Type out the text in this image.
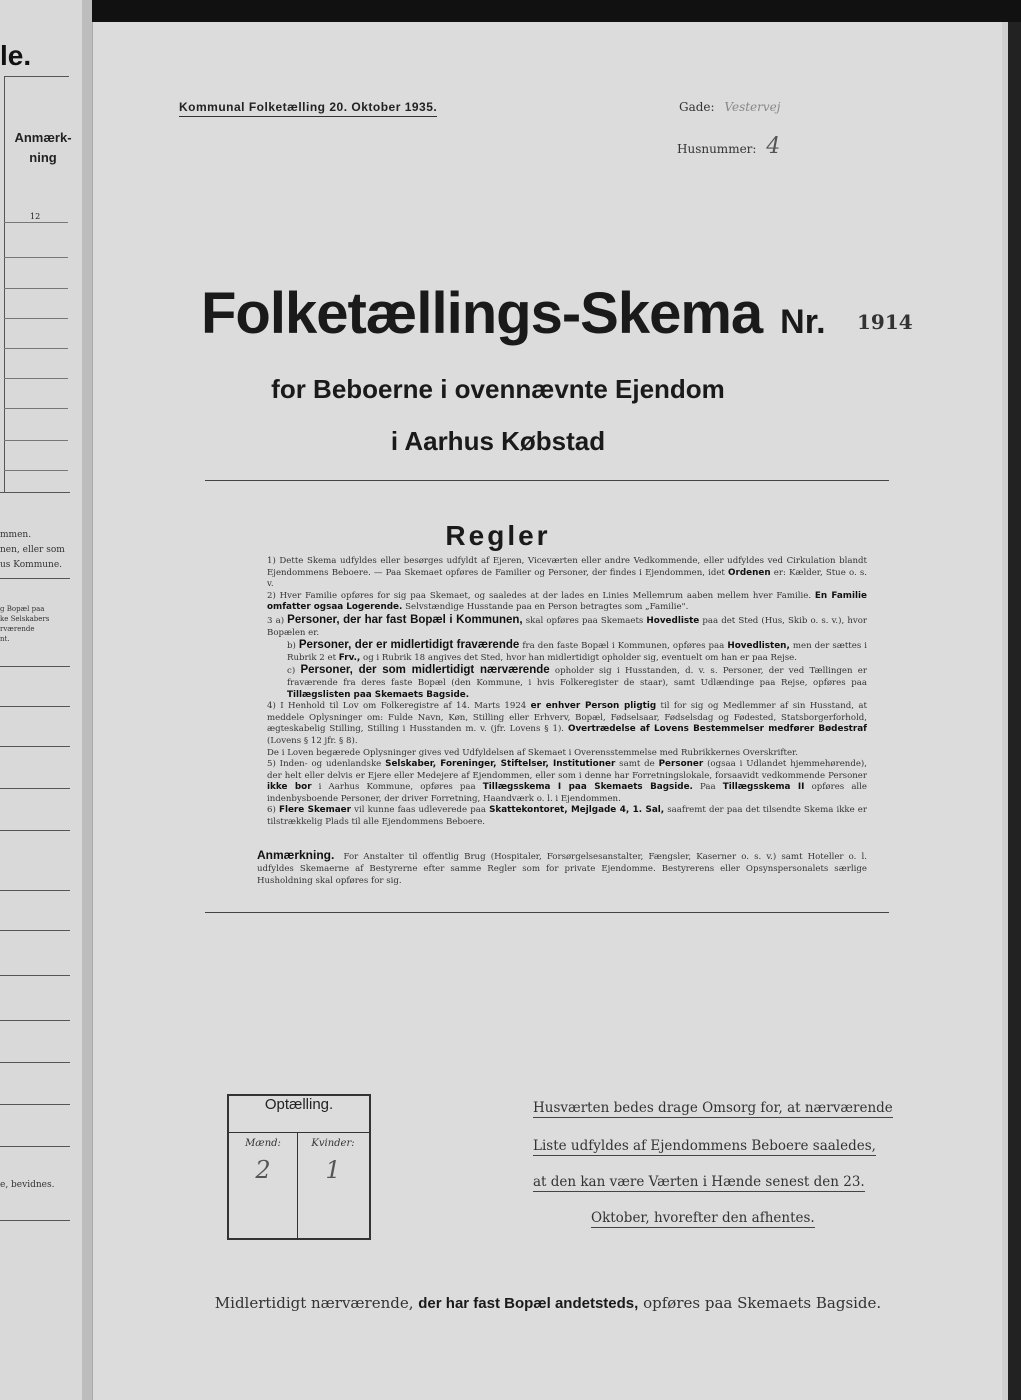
le.
Anmærk-
ning
12
mmen.
nen, eller som
us Kommune.
g Bopæl paa
ke Selskabers
rværende
nt.
e, bevidnes.
Kommunal Folketælling 20. Oktober 1935.	Gade: Vestervej
Husnummer: 4
Folketællings-Skema Nr. 1914
for Beboerne i ovennævnte Ejendom
i Aarhus Købstad
Regler

1) Dette Skema udfyldes eller besørges udfyldt af Ejeren, Viceværten eller andre Vedkommende, eller udfyldes ved Cirkulation blandt Ejendommens Beboere. — Paa Skemaet opføres de Familier og Personer, der findes i Ejendommen, idet Ordenen er: Kælder, Stue o. s. v.

2) Hver Familie opføres for sig paa Skemaet, og saaledes at der lades en Linies Mellemrum aaben mellem hver Familie. En Familie omfatter ogsaa Logerende. Selvstændige Husstande paa en Person betragtes som „Familie".

3 a) Personer, der har fast Bopæl i Kommunen, skal opføres paa Skemaets Hovedliste paa det Sted (Hus, Skib o. s. v.), hvor Bopælen er.

b) Personer, der er midlertidigt fraværende fra den faste Bopæl i Kommunen, opføres paa Hovedlisten, men der sættes i Rubrik 2 et Frv., og i Rubrik 18 angives det Sted, hvor han midlertidigt opholder sig, eventuelt om han er paa Rejse.

c) Personer, der som midlertidigt nærværende opholder sig i Husstanden, d. v. s. Personer, der ved Tællingen er fraværende fra deres faste Bopæl (den Kommune, i hvis Folkeregister de staar), samt Udlændinge paa Rejse, opføres paa Tillægslisten paa Skemaets Bagside.

4) I Henhold til Lov om Folkeregistre af 14. Marts 1924 er enhver Person pligtig til for sig og Medlemmer af sin Husstand, at meddele Oplysninger om: Fulde Navn, Køn, Stilling eller Erhverv, Bopæl, Fødselsaar, Fødselsdag og Fødested, Statsborgerforhold, ægteskabelig Stilling, Stilling i Husstanden m. v. (jfr. Lovens § 1). Overtrædelse af Lovens Bestemmelser medfører Bødestraf (Lovens § 12 jfr. § 8).

De i Loven begærede Oplysninger gives ved Udfyldelsen af Skemaet i Overensstemmelse med Rubrikkernes Overskrifter.

5) Inden- og udenlandske Selskaber, Foreninger, Stiftelser, Institutioner samt de Personer (ogsaa i Udlandet hjemmehørende), der helt eller delvis er Ejere eller Medejere af Ejendommen, eller som i denne har Forretningslokale, forsaavidt vedkommende Personer ikke bor i Aarhus Kommune, opføres paa Tillægsskema I paa Skemaets Bagside. Paa Tillægsskema II opføres alle indenbysboende Personer, der driver Forretning, Haandværk o. l. i Ejendommen.

6) Flere Skemaer vil kunne faas udleverede paa Skattekontoret, Mejlgade 4, 1. Sal, saafremt der paa det tilsendte Skema ikke er tilstrækkelig Plads til alle Ejendommens Beboere.

Anmærkning. For Anstalter til offentlig Brug (Hospitaler, Forsørgelsesanstalter, Fængsler, Kaserner o. s. v.) samt Hoteller o. l. udfyldes Skemaerne af Bestyrerne efter samme Regler som for private Ejendomme. Bestyrerens eller Opsynspersonalets særlige Husholdning skal opføres for sig.
Optælling.
Mænd:	Kvinder:
2	1
Husværten bedes drage Omsorg for, at nærværende
Liste udfyldes af Ejendommens Beboere saaledes,
at den kan være Værten i Hænde senest den 23.
Oktober, hvorefter den afhentes.
Midlertidigt nærværende, der har fast Bopæl andetsteds, opføres paa Skemaets Bagside.
